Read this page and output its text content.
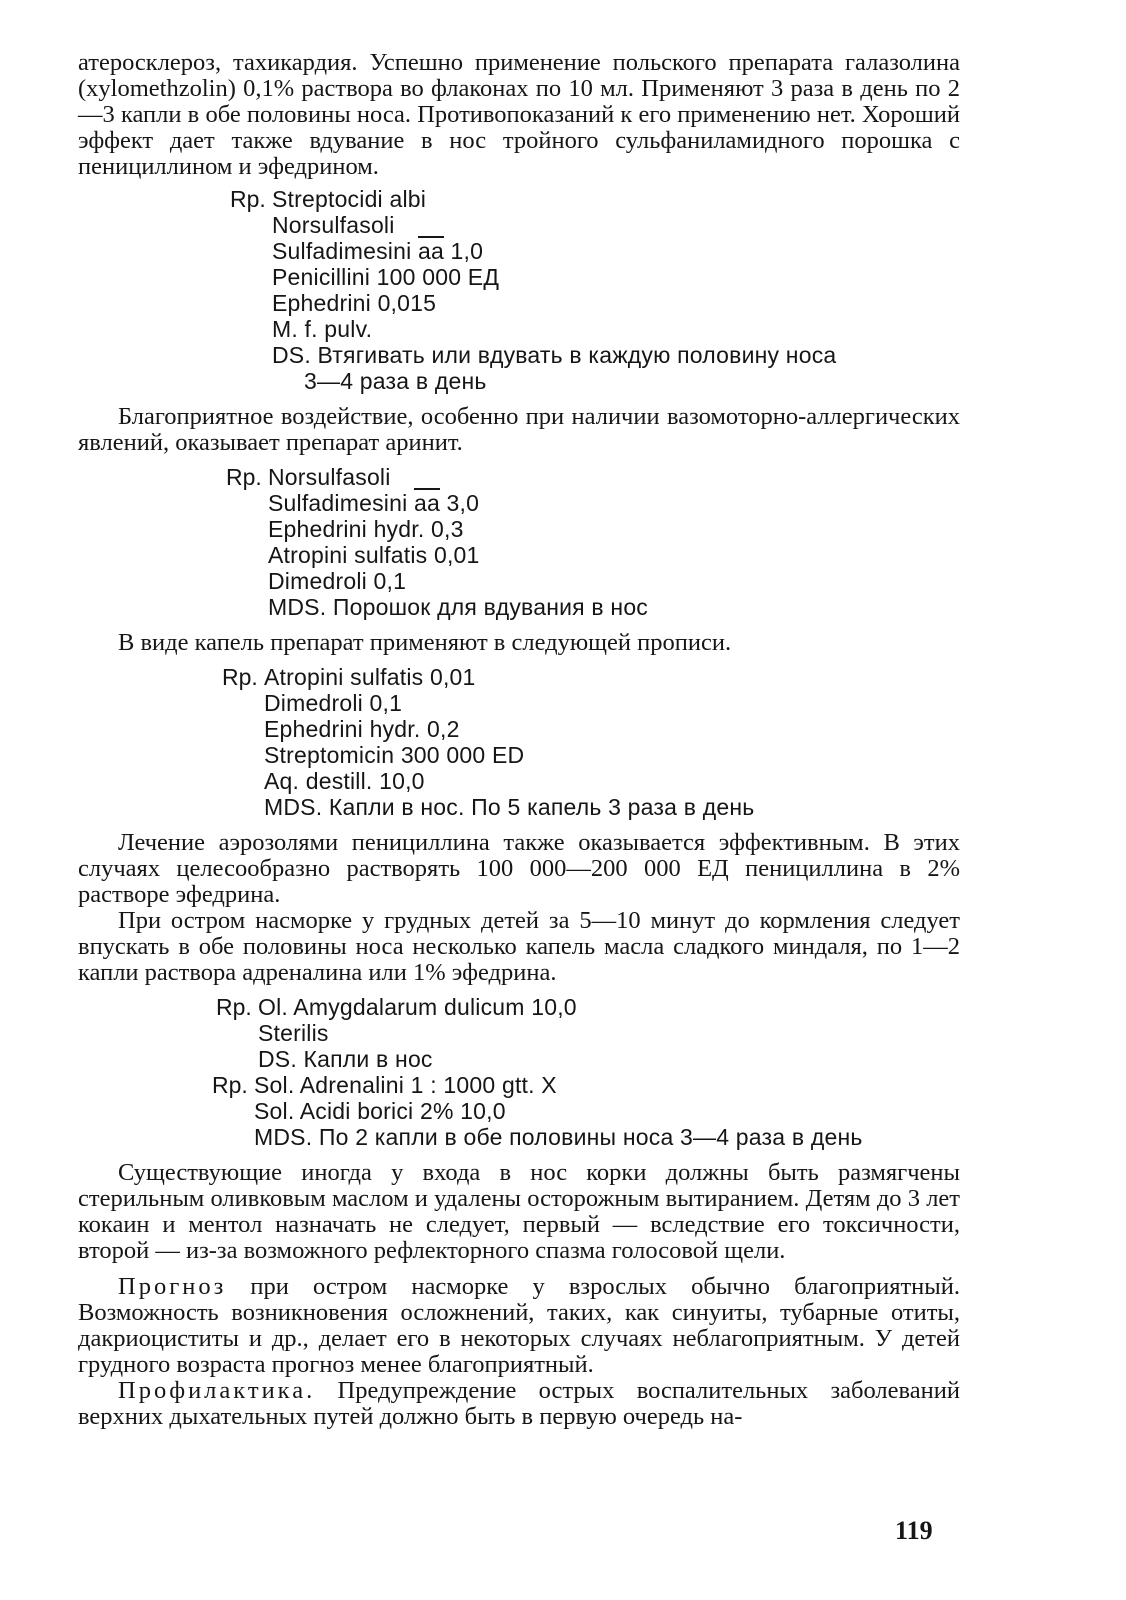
атеросклероз, тахикардия. Успешно применение польского препарата галазолина (xylomethzolin) 0,1% раствора во флаконах по 10 мл. Применяют 3 раза в день по 2—3 капли в обе половины носа. Противопоказаний к его применению нет. Хороший эффект дает также вдувание в нос тройного сульфаниламидного порошка с пенициллином и эфедрином.

Rp. Streptocidi albi
Norsulfasoli
Sulfadimesini $\overline{aa}$ 1,0
Penicillini 100 000 ЕД
Ephedrini 0,015
M. f. pulv.
DS. Втягивать или вдувать в каждую половину носа
3—4 раза в день

Благоприятное воздействие, особенно при наличии вазомоторно-аллергических явлений, оказывает препарат аринит.

Rp. Norsulfasoli
Sulfadimesini $\overline{aa}$ 3,0
Ephedrini hydr. 0,3
Atropini sulfatis 0,01
Dimedroli 0,1
MDS. Порошок для вдувания в нос

В виде капель препарат применяют в следующей прописи.

Rp. Atropini sulfatis 0,01
Dimedroli 0,1
Ephedrini hydr. 0,2
Streptomicin 300 000 ED
Aq. destill. 10,0
MDS. Капли в нос. По 5 капель 3 раза в день

Лечение аэрозолями пенициллина также оказывается эффективным. В этих случаях целесообразно растворять 100 000—200 000 ЕД пенициллина в 2% растворе эфедрина.

При остром насморке у грудных детей за 5—10 минут до кормления следует впускать в обе половины носа несколько капель масла сладкого миндаля, по 1—2 капли раствора адреналина или 1% эфедрина.

Rp. Ol. Amygdalarum dulicum 10,0
Sterilis
DS. Капли в нос
Rp. Sol. Adrenalini 1 : 1000 gtt. X
Sol. Acidi borici 2% 10,0
MDS. По 2 капли в обе половины носа 3—4 раза в день

Существующие иногда у входа в нос корки должны быть размягчены стерильным оливковым маслом и удалены осторожным вытиранием. Детям до 3 лет кокаин и ментол назначать не следует, первый — вследствие его токсичности, второй — из-за возможного рефлекторного спазма голосовой щели.

Прогноз при остром насморке у взрослых обычно благоприятный. Возможность возникновения осложнений, таких, как синуиты, тубарные отиты, дакриоциститы и др., делает его в некоторых случаях неблагоприятным. У детей грудного возраста прогноз менее благоприятный.

Профилактика. Предупреждение острых воспалительных заболеваний верхних дыхательных путей должно быть в первую очередь на-

119
